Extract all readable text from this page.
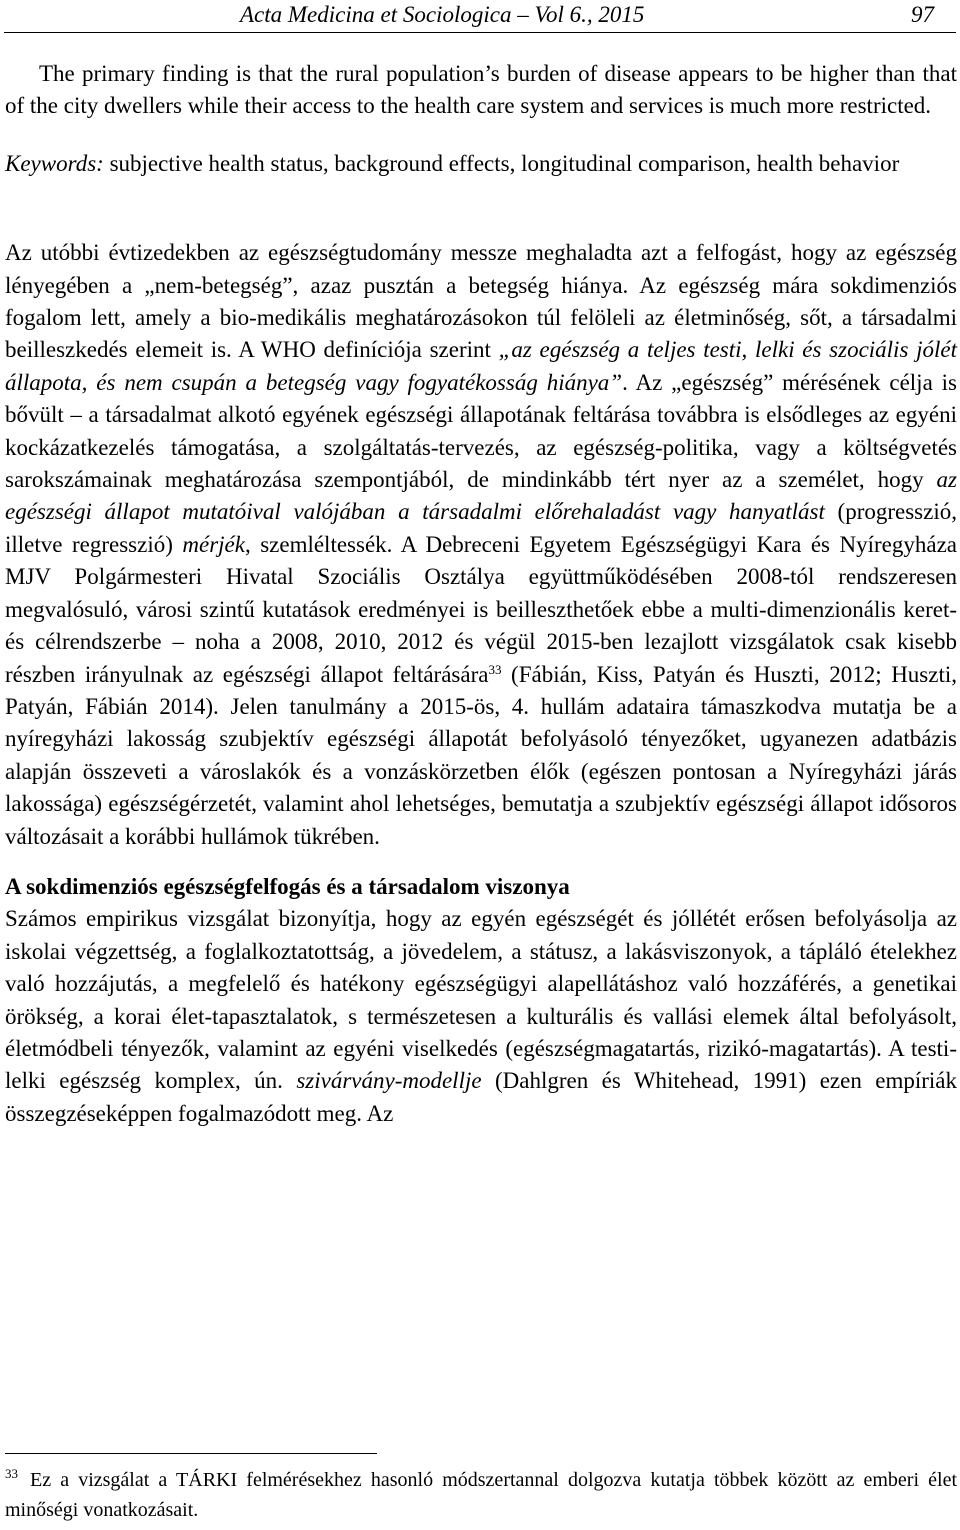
Acta Medicina et Sociologica – Vol 6., 2015	97

The primary finding is that the rural population’s burden of disease appears to be higher than that of the city dwellers while their access to the health care system and services is much more restricted.

Keywords: subjective health status, background effects, longitudinal comparison, health behavior

Az utóbbi évtizedekben az egészségtudomány messze meghaladta azt a felfogást, hogy az egészség lényegében a „nem-betegség”, azaz pusztán a betegség hiánya. Az egészség mára sokdimenziós fogalom lett, amely a bio-medikális meghatározásokon túl felöleli az életminőség, sőt, a társadalmi beilleszkedés elemeit is. A WHO definíciója szerint „az egészség a teljes testi, lelki és szociális jólét állapota, és nem csupán a betegség vagy fogyatékosság hiánya”. Az „egészség” mérésének célja is bővült – a társadalmat alkotó egyének egészségi állapotának feltárása továbbra is elsődleges az egyéni kockázatkezelés támogatása, a szolgáltatás-tervezés, az egészség-politika, vagy a költségvetés sarokszámainak meghatározása szempontjából, de mindinkább tért nyer az a személet, hogy az egészségi állapot mutatóival valójában a társadalmi előrehaladást vagy hanyatlást (progresszió, illetve regresszió) mérjék, szemléltessék. A Debreceni Egyetem Egészségügyi Kara és Nyíregyháza MJV Polgármesteri Hivatal Szociális Osztálya együttműködésében 2008-tól rendszeresen megvalósuló, városi szintű kutatások eredményei is beilleszthetőek ebbe a multi-dimenzionális keret- és célrendszerbe – noha a 2008, 2010, 2012 és végül 2015-ben lezajlott vizsgálatok csak kisebb részben irányulnak az egészségi állapot feltárására$^{33}$ (Fábián, Kiss, Patyán és Huszti, 2012; Huszti, Patyán, Fábián 2014). Jelen tanulmány a 2015-ös, 4. hullám adataira támaszkodva mutatja be a nyíregyházi lakosság szubjektív egészségi állapotát befolyásoló tényezőket, ugyanezen adatbázis alapján összeveti a városlakók és a vonzáskörzetben élők (egészen pontosan a Nyíregyházi járás lakossága) egészségérzetét, valamint ahol lehetséges, bemutatja a szubjektív egészségi állapot idősoros változásait a korábbi hullámok tükrében.

A sokdimenziós egészségfelfogás és a társadalom viszonya

Számos empirikus vizsgálat bizonyítja, hogy az egyén egészségét és jóllétét erősen befolyásolja az iskolai végzettség, a foglalkoztatottság, a jövedelem, a státusz, a lakásviszonyok, a tápláló ételekhez való hozzájutás, a megfelelő és hatékony egészségügyi alapellátáshoz való hozzáférés, a genetikai örökség, a korai élet-tapasztalatok, s természetesen a kulturális és vallási elemek által befolyásolt, életmódbeli tényezők, valamint az egyéni viselkedés (egészségmagatartás, rizikó-magatartás). A testi-lelki egészség komplex, ún. szivárvány-modellje (Dahlgren és Whitehead, 1991) ezen empíriák összegzéseképpen fogalmazódott meg. Az

$^{33}$ Ez a vizsgálat a TÁRKI felmérésekhez hasonló módszertannal dolgozva kutatja többek között az emberi élet minőségi vonatkozásait.
